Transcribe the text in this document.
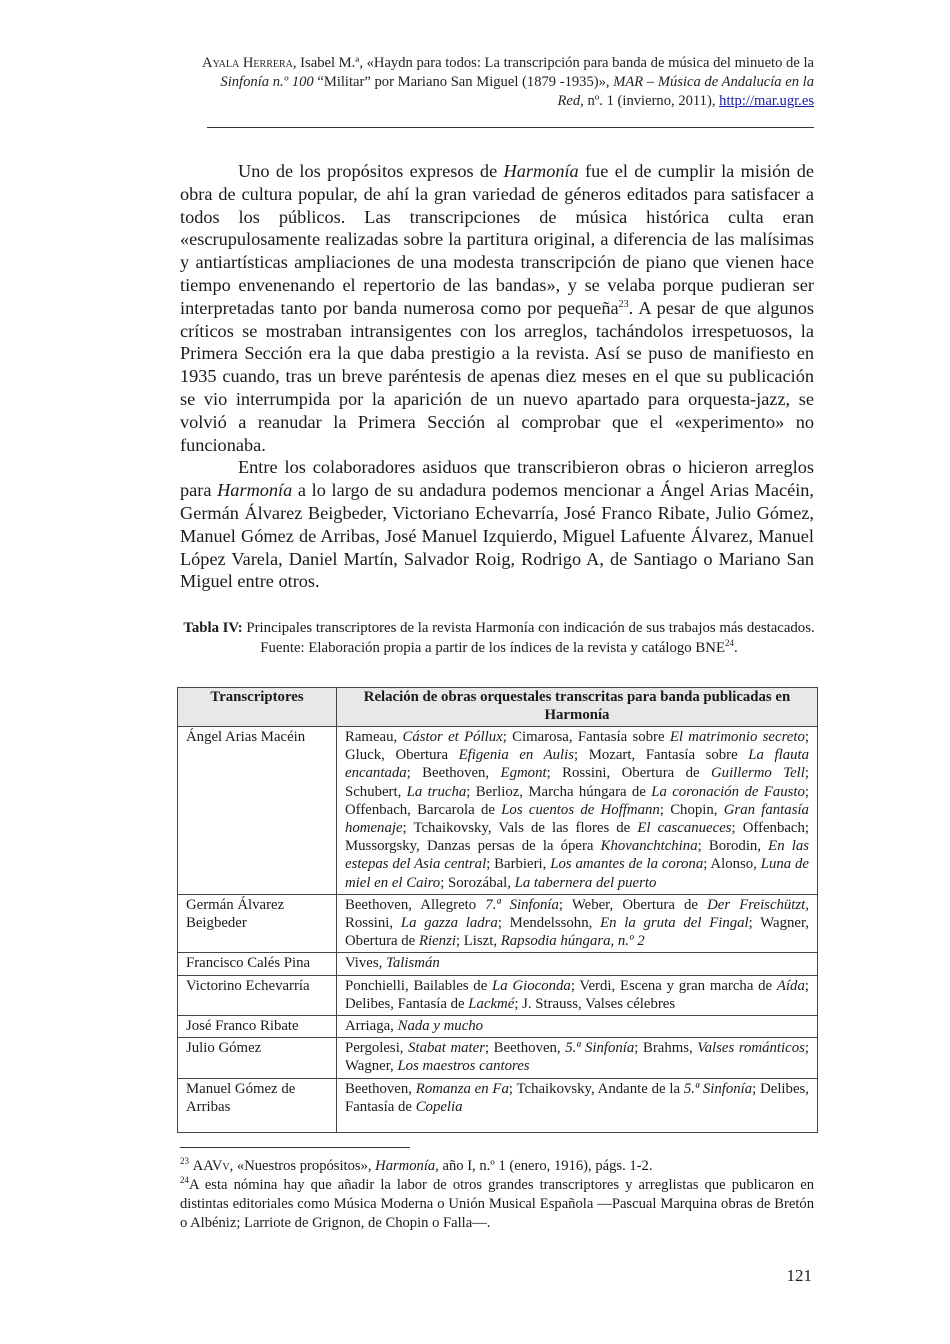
Ayala Herrera, Isabel M.ª, «Haydn para todos: La transcripción para banda de música del minueto de la Sinfonía n.º 100 “Militar” por Mariano San Miguel (1879 -1935)», MAR – Música de Andalucía en la Red, nº. 1 (invierno, 2011), http://mar.ugr.es

Uno de los propósitos expresos de Harmonía fue el de cumplir la misión de obra de cultura popular, de ahí la gran variedad de géneros editados para satisfacer a todos los públicos. Las transcripciones de música histórica culta eran «escrupulosamente realizadas sobre la partitura original, a diferencia de las malísimas y antiartísticas ampliaciones de una modesta transcripción de piano que vienen hace tiempo envenenando el repertorio de las bandas», y se velaba porque pudieran ser interpretadas tanto por banda numerosa como por pequeña$^{23}$. A pesar de que algunos críticos se mostraban intransigentes con los arreglos, tachándolos irrespetuosos, la Primera Sección era la que daba prestigio a la revista. Así se puso de manifiesto en 1935 cuando, tras un breve paréntesis de apenas diez meses en el que su publicación se vio interrumpida por la aparición de un nuevo apartado para orquesta-jazz, se volvió a reanudar la Primera Sección al comprobar que el «experimento» no funcionaba.

Entre los colaboradores asiduos que transcribieron obras o hicieron arreglos para Harmonía a lo largo de su andadura podemos mencionar a Ángel Arias Macéin, Germán Álvarez Beigbeder, Victoriano Echevarría, José Franco Ribate, Julio Gómez, Manuel Gómez de Arribas, José Manuel Izquierdo, Miguel Lafuente Álvarez, Manuel López Varela, Daniel Martín, Salvador Roig, Rodrigo A, de Santiago o Mariano San Miguel entre otros.

Tabla IV: Principales transcriptores de la revista Harmonía con indicación de sus trabajos más destacados. Fuente: Elaboración propia a partir de los índices de la revista y catálogo BNE$^{24}$.
Transcriptores	Relación de obras orquestales transcritas para banda publicadas en Harmonía
Ángel Arias Macéin	Rameau, Cástor et Póllux; Cimarosa, Fantasía sobre El matrimonio secreto; Gluck, Obertura Efigenia en Aulis; Mozart, Fantasía sobre La flauta encantada; Beethoven, Egmont; Rossini, Obertura de Guillermo Tell; Schubert, La trucha; Berlioz, Marcha húngara de La coronación de Fausto; Offenbach, Barcarola de Los cuentos de Hoffmann; Chopin, Gran fantasía homenaje; Tchaikovsky, Vals de las flores de El cascanueces; Offenbach; Mussorgsky, Danzas persas de la ópera Khovanchtchina; Borodin, En las estepas del Asia central; Barbieri, Los amantes de la corona; Alonso, Luna de miel en el Cairo; Sorozábal, La tabernera del puerto
Germán Álvarez Beigbeder	Beethoven, Allegreto 7.ª Sinfonía; Weber, Obertura de Der Freischützt, Rossini, La gazza ladra; Mendelssohn, En la gruta del Fingal; Wagner, Obertura de Rienzi; Liszt, Rapsodia húngara, n.º 2
Francisco Calés Pina	Vives, Talismán
Victorino Echevarría	Ponchielli, Bailables de La Gioconda; Verdi, Escena y gran marcha de Aída; Delibes, Fantasía de Lackmé; J. Strauss, Valses célebres
José Franco Ribate	Arriaga, Nada y mucho
Julio Gómez	Pergolesi, Stabat mater; Beethoven, 5.ª Sinfonía; Brahms, Valses románticos; Wagner, Los maestros cantores
Manuel Gómez de Arribas	Beethoven, Romanza en Fa; Tchaikovsky, Andante de la 5.ª Sinfonía; Delibes, Fantasía de Copelia

$^{23}$ AAVv, «Nuestros propósitos», Harmonía, año I, n.º 1 (enero, 1916), págs. 1-2.

$^{24}$A esta nómina hay que añadir la labor de otros grandes transcriptores y arreglistas que publicaron en distintas editoriales como Música Moderna o Unión Musical Española —Pascual Marquina obras de Bretón o Albéniz; Larriote de Grignon, de Chopin o Falla—.

121
